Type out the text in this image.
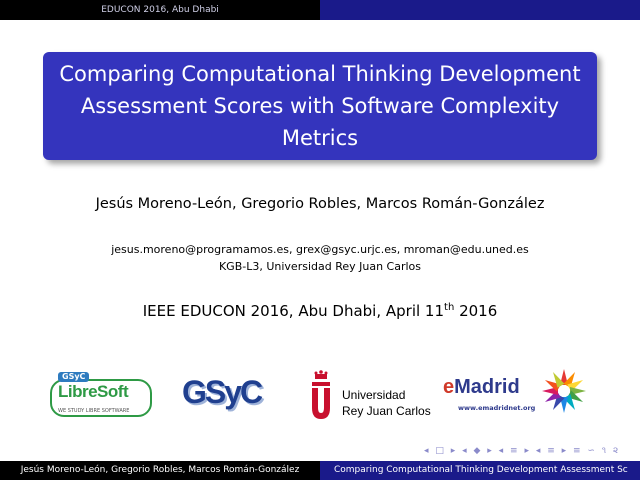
EDUCON 2016, Abu Dhabi
Comparing Computational Thinking Development Assessment Scores with Software Complexity Metrics
Jesús Moreno-León, Gregorio Robles, Marcos Román-González
jesus.moreno@programamos.es, grex@gsyc.urjc.es, mroman@edu.uned.es
KGB-L3, Universidad Rey Juan Carlos
IEEE EDUCON 2016, Abu Dhabi, April 11th 2016
GSyC
LibreSoft
WE STUDY LIBRE SOFTWARE
GSyC	Universidad
Rey Juan Carlos
eMadrid
www.emadridnet.org
◂ □ ▸ ◂ ◆ ▸ ◂ ≡ ▸ ◂ ≡ ▸ ≡ ∽ ૧ ૨
Jesús Moreno-León, Gregorio Robles, Marcos Román-González	Comparing Computational Thinking Development Assessment Sc
